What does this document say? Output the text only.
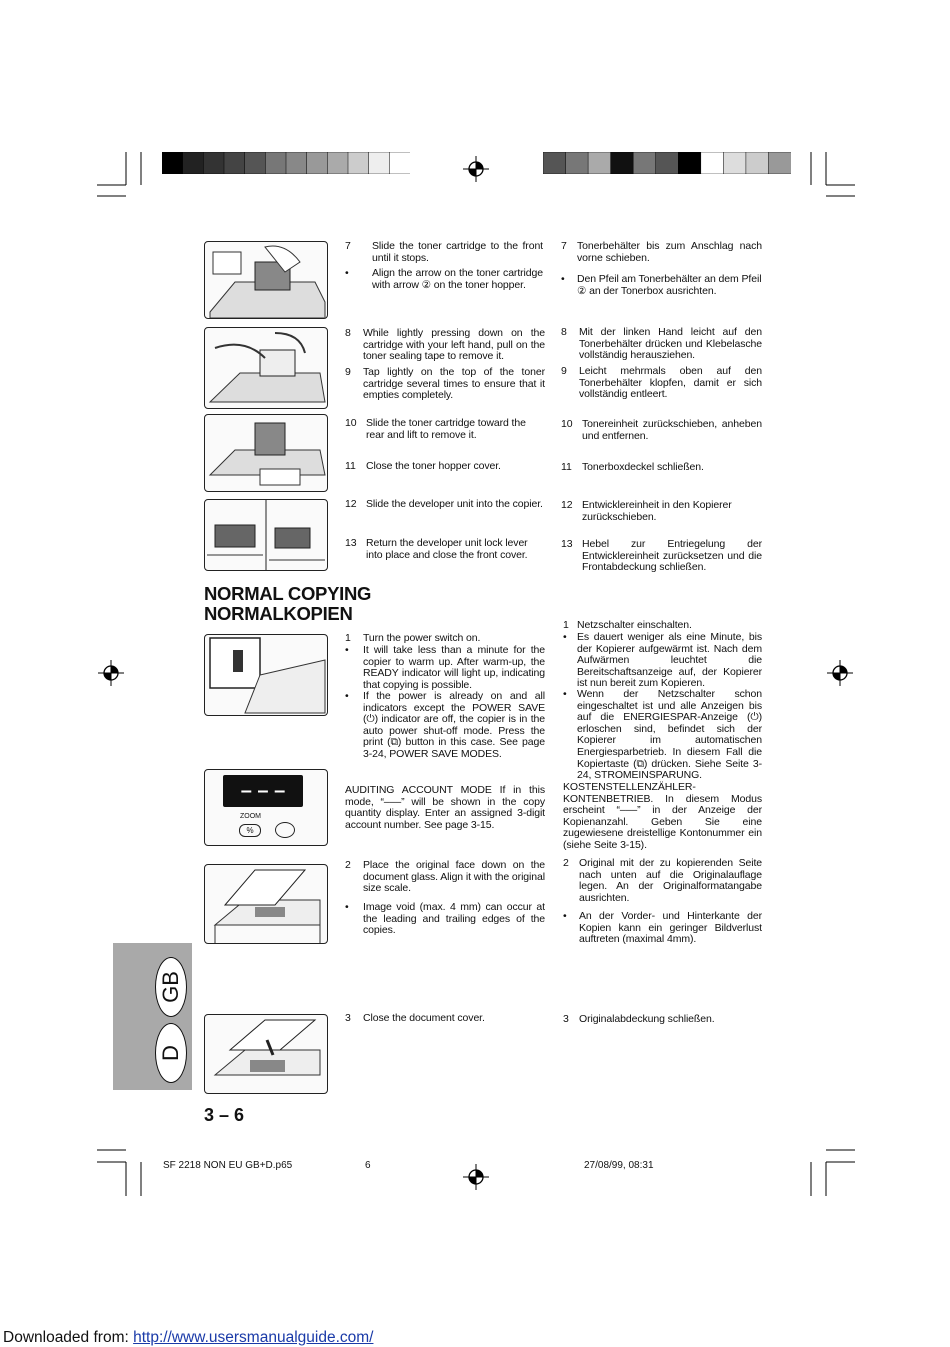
– – –
ZOOM
%
GB
D
7 Slide the toner cartridge to the front until it stops.
• Align the arrow on the toner cartridge with arrow ② on the toner hopper.
8 While lightly pressing down on the cartridge with your left hand, pull on the toner sealing tape to remove it.
9 Tap lightly on the top of the toner cartridge several times to ensure that it empties completely.
10 Slide the toner cartridge toward the rear and lift to remove it.
11 Close the toner hopper cover.
12 Slide the developer unit into the copier.
13 Return the developer unit lock lever into place and close the front cover.
7 Tonerbehälter bis zum Anschlag nach vorne schieben.
• Den Pfeil am Tonerbehälter an dem Pfeil ② an der Tonerbox ausrichten.
8 Mit der linken Hand leicht auf den Tonerbehälter drücken und Klebelasche vollständig herausziehen.
9 Leicht mehrmals oben auf den Tonerbehälter klopfen, damit er sich vollständig entleert.
10 Tonereinheit zurückschieben, anheben und entfernen.
11 Tonerboxdeckel schließen.
12 Entwicklereinheit in den Kopierer zurückschieben.
13 Hebel zur Entriegelung der Entwicklereinheit zurücksetzen und die Frontabdeckung schließen.
NORMAL COPYING
NORMALKOPIEN
1 Turn the power switch on.
• It will take less than a minute for the copier to warm up. After warm-up, the READY indicator will light up, indicating that copying is possible.
• If the power is already on and all indicators except the POWER SAVE (⏻) indicator are off, the copier is in the auto power shut-off mode. Press the print (⧉) button in this case. See page 3-24, POWER SAVE MODES.
AUDITING ACCOUNT MODE If in this mode, “–––” will be shown in the copy quantity display. Enter an assigned 3-digit account number. See page 3-15.
2 Place the original face down on the document glass. Align it with the original size scale.
• Image void (max. 4 mm) can occur at the leading and trailing edges of the copies.
3 Close the document cover.
1 Netzschalter einschalten.
• Es dauert weniger als eine Minute, bis der Kopierer aufgewärmt ist. Nach dem Aufwärmen leuchtet die Bereitschaftsanzeige auf, der Kopierer ist nun bereit zum Kopieren.
• Wenn der Netzschalter schon eingeschaltet ist und alle Anzeigen bis auf die ENERGIESPAR-Anzeige (⏻) erloschen sind, befindet sich der Kopierer im automatischen Energiesparbetrieb. In diesem Fall die Kopiertaste (⧉) drücken. Siehe Seite 3-24, STROMEINSPARUNG.
KOSTENSTELLENZÄHLER-KONTENBETRIEB. In diesem Modus erscheint “–––” in der Anzeige der Kopienanzahl. Geben Sie eine zugewiesene dreistellige Kontonummer ein (siehe Seite 3-15).
2 Original mit der zu kopierenden Seite nach unten auf die Originalauflage legen. An der Originalformatangabe ausrichten.
• An der Vorder- und Hinterkante der Kopien kann ein geringer Bildverlust auftreten (maximal 4mm).
3 Originalabdeckung schließen.
3 – 6
SF 2218 NON EU GB+D.p65	6	27/08/99, 08:31
Downloaded from: http://www.usersmanualguide.com/
